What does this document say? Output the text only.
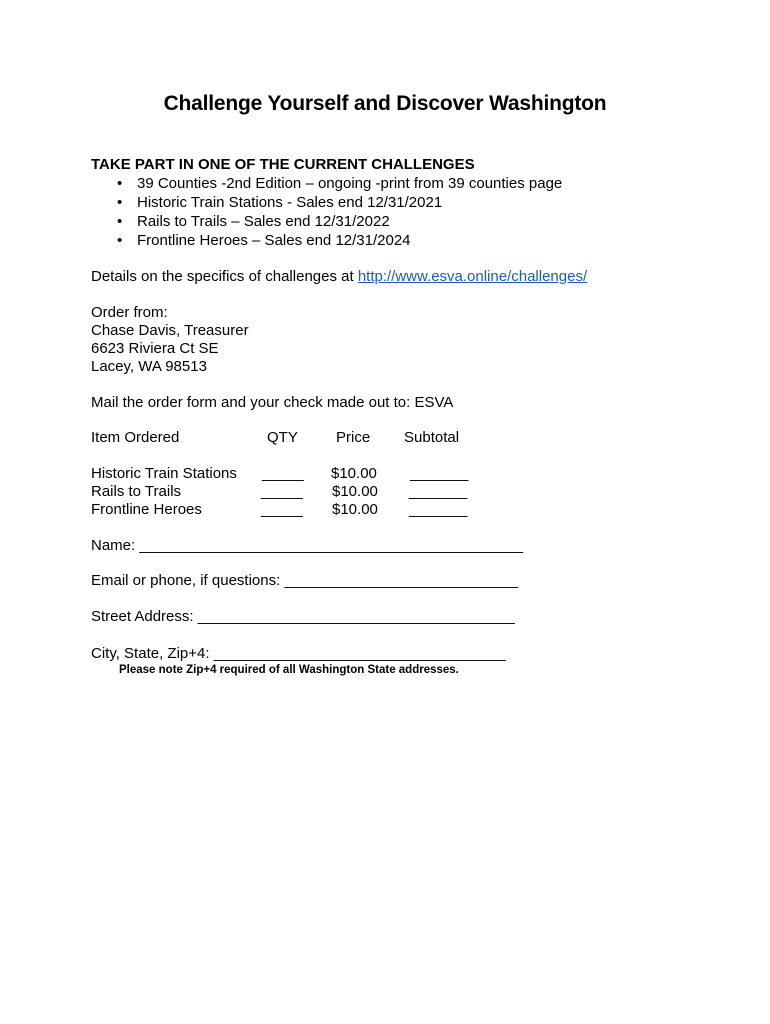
Challenge Yourself and Discover Washington
TAKE PART IN ONE OF THE CURRENT CHALLENGES
• 39 Counties -2nd Edition – ongoing -print from 39 counties page
• Historic Train Stations - Sales end 12/31/2021
• Rails to Trails – Sales end 12/31/2022
• Frontline Heroes – Sales end 12/31/2024
Details on the specifics of challenges at http://www.esva.online/challenges/
Order from:
Chase Davis, Treasurer
6623 Riviera Ct SE
Lacey, WA 98513
Mail the order form and your check made out to: ESVA
Item Ordered	QTY	Price Subtotal
Historic Train Stations _____ $10.00 _______
Rails to Trails	_____ $10.00 _______
Frontline Heroes	_____ $10.00 _______
Name: ______________________________________________
Email or phone, if questions: ____________________________
Street Address: ______________________________________
City, State, Zip+4: ___________________________________
Please note Zip+4 required of all Washington State addresses.
